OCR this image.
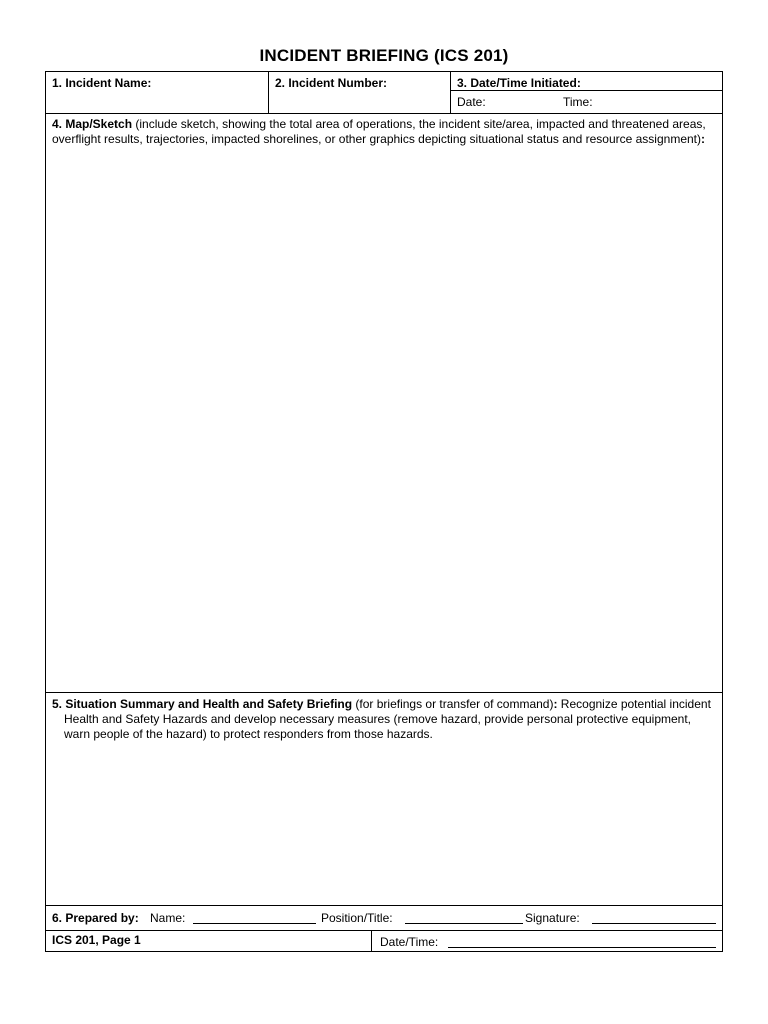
INCIDENT BRIEFING (ICS 201)
1. Incident Name:	2. Incident Number:	3. Date/Time Initiated:
Date:	Time:
4. Map/Sketch (include sketch, showing the total area of operations, the incident site/area, impacted and threatened areas, overflight results, trajectories, impacted shorelines, or other graphics depicting situational status and resource assignment):
5. Situation Summary and Health and Safety Briefing (for briefings or transfer of command): Recognize potential incident Health and Safety Hazards and develop necessary measures (remove hazard, provide personal protective equipment, warn people of the hazard) to protect responders from those hazards.
6. Prepared by: Name:	Position/Title:	Signature:
ICS 201, Page 1	Date/Time:
